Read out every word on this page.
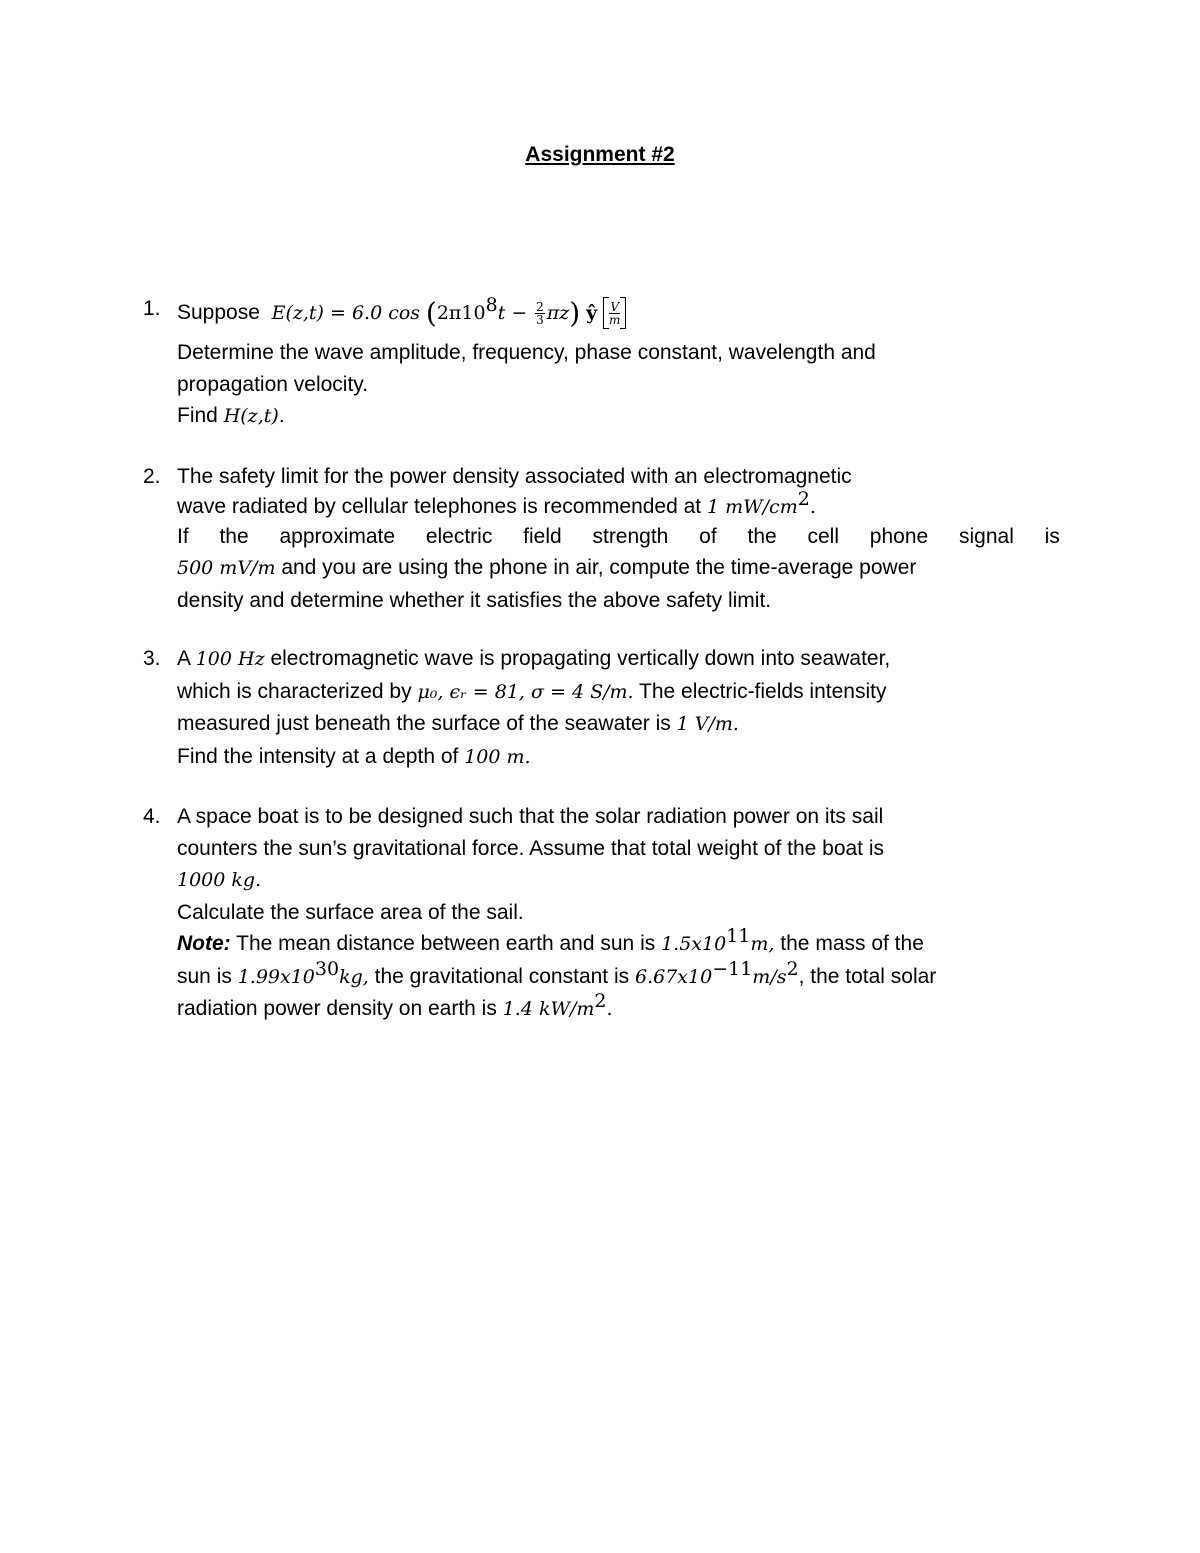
Assignment #2
1. Suppose E(z,t) = 6.0 $\cos (2\pi 10^8t - \frac{2}{3} \pi z)$ ŷ $\frac{V}{m}$
Determine the wave amplitude, frequency, phase constant, wavelength and
propagation velocity.
Find H(z,t).
2. The safety limit for the power density associated with an electromagnetic
wave radiated by cellular telephones is recommended at 1 $mW/cm^2$.
If the approximate electric field strength of the cell phone signal is
500 mV/m and you are using the phone in air, compute the time-average power
density and determine whether it satisfies the above safety limit.
3. A 100 Hz electromagnetic wave is propagating vertically down into seawater,
which is characterized by μ₀, ϵᵣ = 81, σ = 4 S/m. The electric-fields intensity
measured just beneath the surface of the seawater is 1 V/m.
Find the intensity at a depth of 100 m.
4. A space boat is to be designed such that the solar radiation power on its sail
counters the sun’s gravitational force. Assume that total weight of the boat is
1000 kg.
Calculate the surface area of the sail.
Note: The mean distance between earth and sun is $1.5x10^{11}m$, the mass of the
sun is $1.99x10^{30}kg$, the gravitational constant is $6.67x10^{-11}m/s^2$, the total solar
radiation power density on earth is 1.4 $kW/m^2$.
